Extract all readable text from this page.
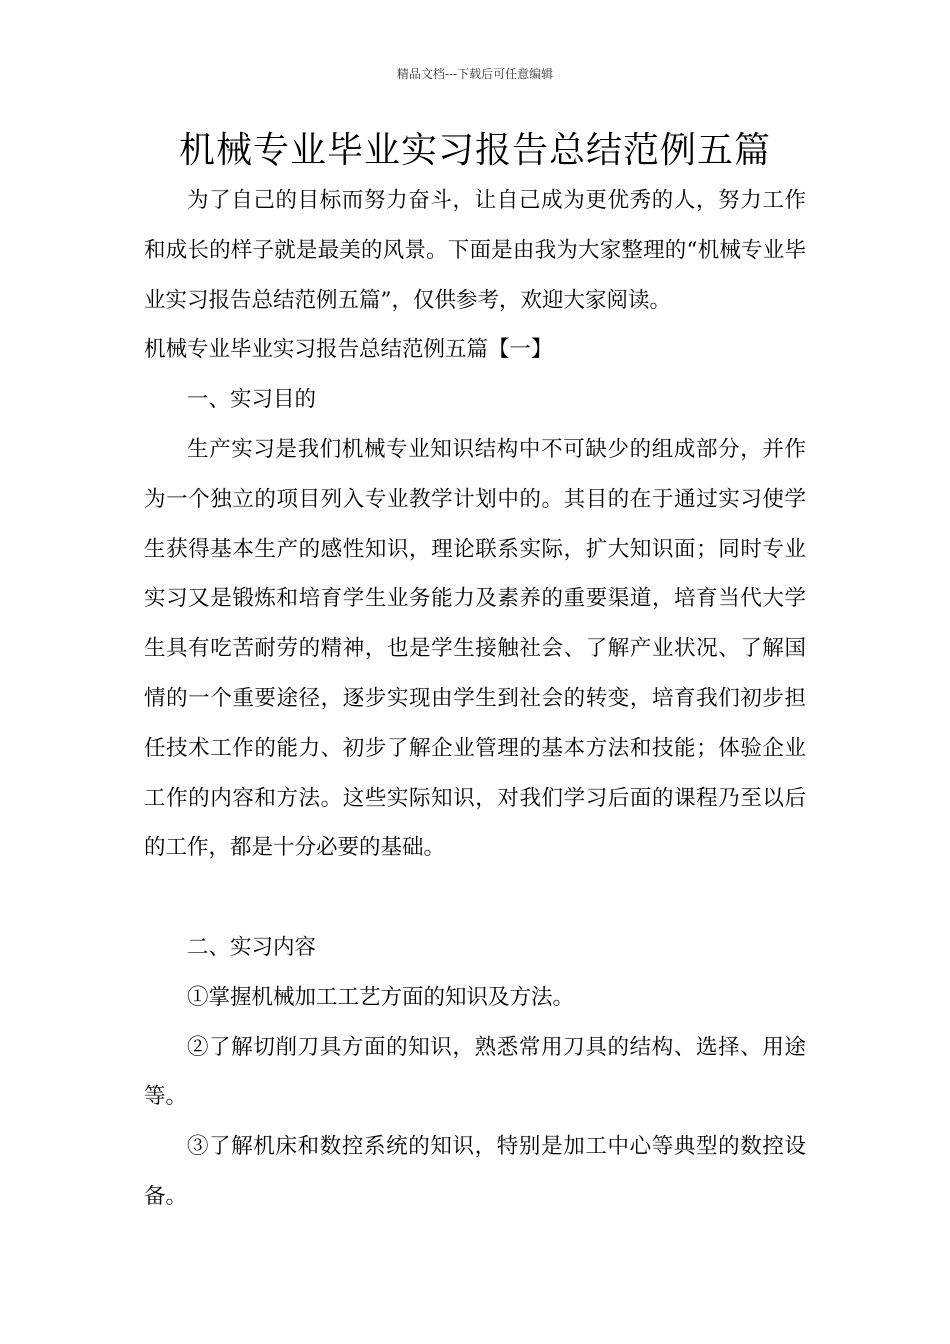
精品文档---下载后可任意编辑
机械专业毕业实习报告总结范例五篇

为了自己的目标而努力奋斗，让自己成为更优秀的人，努力工作和成长的样子就是最美的风景。下面是由我为大家整理的“机械专业毕业实习报告总结范例五篇”，仅供参考，欢迎大家阅读。

机械专业毕业实习报告总结范例五篇【一】

一、实习目的

生产实习是我们机械专业知识结构中不可缺少的组成部分，并作为一个独立的项目列入专业教学计划中的。其目的在于通过实习使学生获得基本生产的感性知识，理论联系实际，扩大知识面；同时专业实习又是锻炼和培育学生业务能力及素养的重要渠道，培育当代大学生具有吃苦耐劳的精神，也是学生接触社会、了解产业状况、了解国情的一个重要途径，逐步实现由学生到社会的转变，培育我们初步担任技术工作的能力、初步了解企业管理的基本方法和技能；体验企业工作的内容和方法。这些实际知识，对我们学习后面的课程乃至以后的工作，都是十分必要的基础。

二、实习内容

①掌握机械加工工艺方面的知识及方法。

②了解切削刀具方面的知识，熟悉常用刀具的结构、选择、用途等。

③了解机床和数控系统的知识，特别是加工中心等典型的数控设备。
